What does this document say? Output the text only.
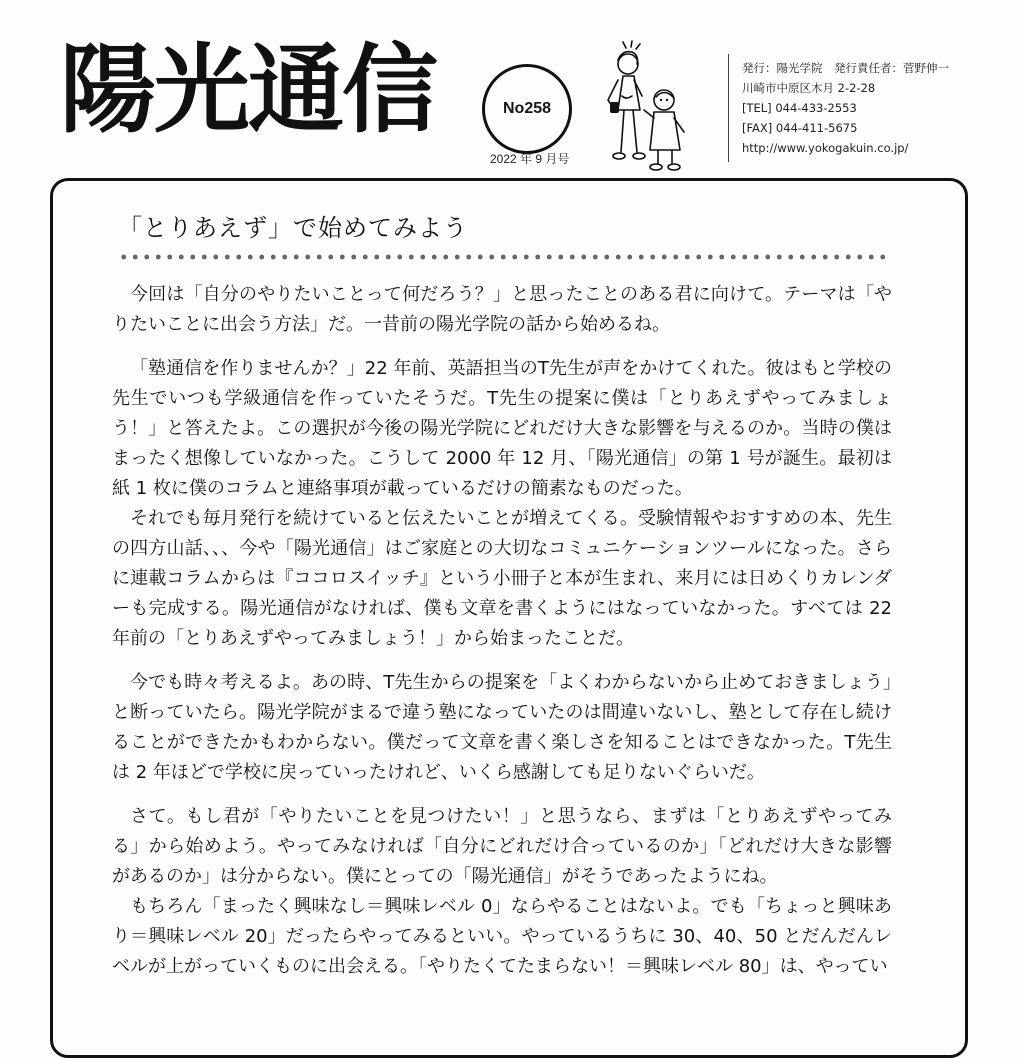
陽光通信	No258
2022 年 9 月号
発行：陽光学院　発行責任者：菅野伸一
川崎市中原区木月 2-2-28
[TEL] 044-433-2553
[FAX] 044-411-5675
http://www.yokogakuin.co.jp/
「とりあえず」で始めてみよう

今回は「自分のやりたいことって何だろう？」と思ったことのある君に向けて。テーマは「やりたいことに出会う方法」だ。一昔前の陽光学院の話から始めるね。

「塾通信を作りませんか？」22 年前、英語担当のT先生が声をかけてくれた。彼はもと学校の先生でいつも学級通信を作っていたそうだ。T先生の提案に僕は「とりあえずやってみましょう！」と答えたよ。この選択が今後の陽光学院にどれだけ大きな影響を与えるのか。当時の僕はまったく想像していなかった。こうして 2000 年 12 月、「陽光通信」の第 1 号が誕生。最初は紙 1 枚に僕のコラムと連絡事項が載っているだけの簡素なものだった。

それでも毎月発行を続けていると伝えたいことが増えてくる。受験情報やおすすめの本、先生の四方山話、、、今や「陽光通信」はご家庭との大切なコミュニケーションツールになった。さらに連載コラムからは『ココロスイッチ』という小冊子と本が生まれ、来月には日めくりカレンダーも完成する。陽光通信がなければ、僕も文章を書くようにはなっていなかった。すべては 22 年前の「とりあえずやってみましょう！」から始まったことだ。

今でも時々考えるよ。あの時、T先生からの提案を「よくわからないから止めておきましょう」と断っていたら。陽光学院がまるで違う塾になっていたのは間違いないし、塾として存在し続けることができたかもわからない。僕だって文章を書く楽しさを知ることはできなかった。T先生は 2 年ほどで学校に戻っていったけれど、いくら感謝しても足りないぐらいだ。

さて。もし君が「やりたいことを見つけたい！」と思うなら、まずは「とりあえずやってみる」から始めよう。やってみなければ「自分にどれだけ合っているのか」「どれだけ大きな影響があるのか」は分からない。僕にとっての「陽光通信」がそうであったようにね。

もちろん「まったく興味なし＝興味レベル 0」ならやることはないよ。でも「ちょっと興味あり＝興味レベル 20」だったらやってみるといい。やっているうちに 30、40、50 とだんだんレベルが上がっていくものに出会える。「やりたくてたまらない！＝興味レベル 80」は、やってい
